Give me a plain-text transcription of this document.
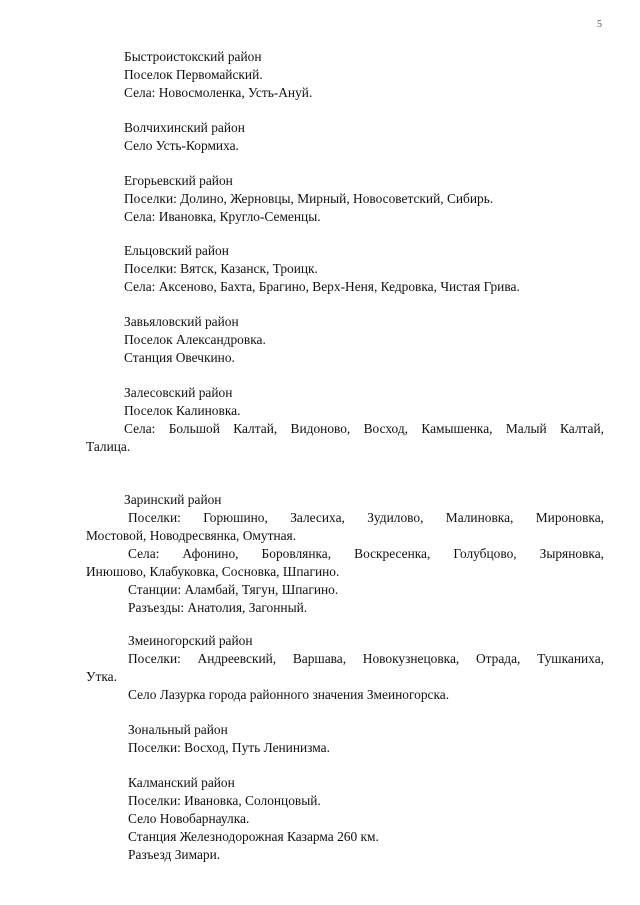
5
Быстроистокский район
Поселок Первомайский.
Села: Новосмоленка, Усть-Ануй.
Волчихинский район
Село Усть-Кормиха.
Егорьевский район
Поселки: Долино, Жерновцы, Мирный, Новосоветский, Сибирь.
Села: Ивановка, Кругло-Семенцы.
Ельцовский район
Поселки: Вятск, Казанск, Троицк.
Села: Аксеново, Бахта, Брагино, Верх-Неня, Кедровка, Чистая Грива.
Завьяловский район
Поселок Александровка.
Станция Овечкино.
Залесовский район
Поселок Калиновка.
Села: Большой Калтай, Видоново, Восход, Камышенка, Малый Калтай,
Талица.
Заринский район
Поселки: Горюшино, Залесиха, Зудилово, Малиновка, Мироновка,
Мостовой, Новодресвянка, Омутная.
Села: Афонино, Боровлянка, Воскресенка, Голубцово, Зыряновка,
Инюшово, Клабуковка, Сосновка, Шпагино.
Станции: Аламбай, Тягун, Шпагино.
Разъезды: Анатолия, Загонный.
Змеиногорский район
Поселки: Андреевский, Варшава, Новокузнецовка, Отрада, Тушканиха,
Утка.
Село Лазурка города районного значения Змеиногорска.
Зональный район
Поселки: Восход, Путь Ленинизма.
Калманский район
Поселки: Ивановка, Солонцовый.
Село Новобарнаулка.
Станция Железнодорожная Казарма 260 км.
Разъезд Зимари.
